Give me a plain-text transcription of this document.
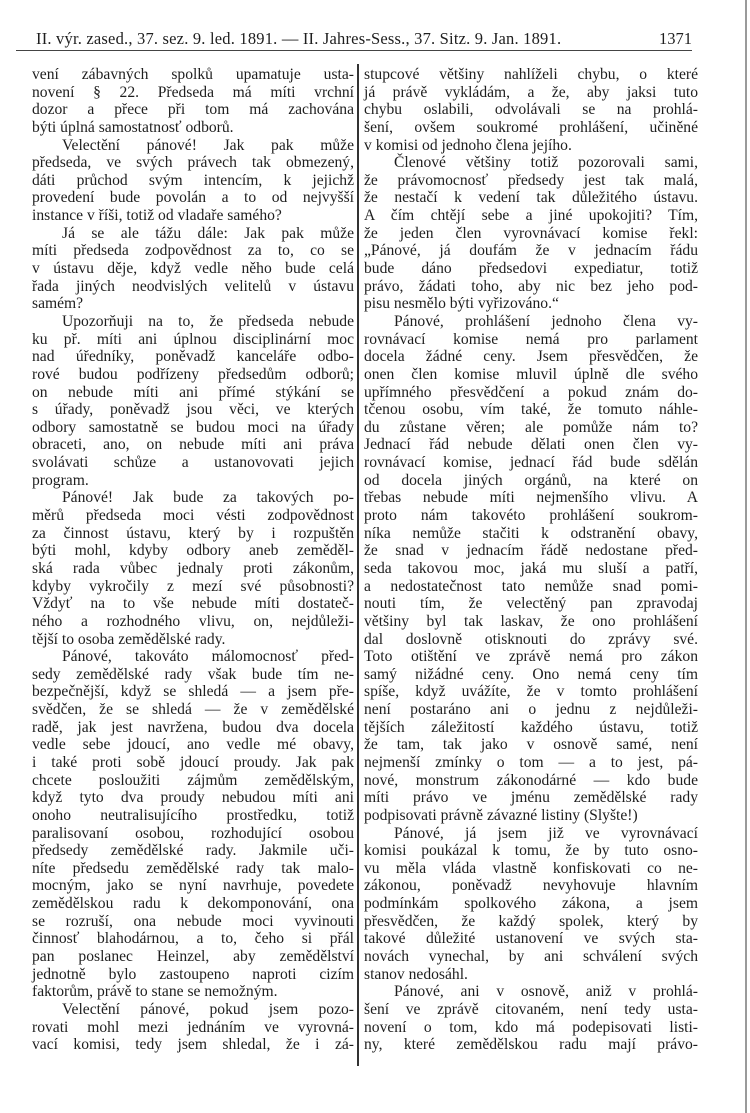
II. výr. zased., 37. sez. 9. led. 1891. — II. Jahres-Sess., 37. Sitz. 9. Jan. 1891.	1371
vení zábavných spolků upamatuje usta-
novení § 22. Předseda má míti vrchní
dozor a přece při tom má zachována
býti úplná samostatnosť odborů.
Velectění pánové! Jak pak může
předseda, ve svých právech tak obmezený,
dáti průchod svým intencím, k jejichž
provedení bude povolán a to od nejvyšší
instance v říši, totiž od vladaře samého?
Já se ale tážu dále: Jak pak může
míti předseda zodpovědnost za to, co se
v ústavu děje, když vedle něho bude celá
řada jiných neodvislých velitelů v ústavu
samém?
Upozorňuji na to, že předseda nebude
ku př. míti ani úplnou disciplinární moc
nad úředníky, poněvadž kanceláře odbo-
rové budou podřízeny předsedům odborů;
on nebude míti ani přímé stýkání se
s úřady, poněvadž jsou věci, ve kterých
odbory samostatně se budou moci na úřady
obraceti, ano, on nebude míti ani práva
svolávati schůze a ustanovovati jejich
program.
Pánové! Jak bude za takových po-
měrů předseda moci vésti zodpovědnost
za činnost ústavu, který by i rozpuštěn
býti mohl, kdyby odbory aneb zeměděl-
ská rada vůbec jednaly proti zákonům,
kdyby vykročily z mezí své působnosti?
Vždyť na to vše nebude míti dostateč-
ného a rozhodného vlivu, on, nejdůleži-
tější to osoba zemědělské rady.
Pánové, takováto málomocnosť před-
sedy zemědělské rady však bude tím ne-
bezpečnější, když se shledá — a jsem pře-
svědčen, že se shledá — že v zemědělské
radě, jak jest navržena, budou dva docela
vedle sebe jdoucí, ano vedle mé obavy,
i také proti sobě jdoucí proudy. Jak pak
chcete posloužiti zájmům zemědělským,
když tyto dva proudy nebudou míti ani
onoho neutralisujícího prostředku, totiž
paralisovaní osobou, rozhodující osobou
předsedy zemědělské rady. Jakmile uči-
níte předsedu zemědělské rady tak malo-
mocným, jako se nyní navrhuje, povedete
zemědělskou radu k dekomponování, ona
se rozruší, ona nebude moci vyvinouti
činnosť blahodárnou, a to, čeho si přál
pan poslanec Heinzel, aby zemědělství
jednotně bylo zastoupeno naproti cizím
faktorům, právě to stane se nemožným.
Velectění pánové, pokud jsem pozo-
rovati mohl mezi jednáním ve vyrovná-
vací komisi, tedy jsem shledal, že i zá-
stupcové většiny nahlíželi chybu, o které
já právě vykládám, a že, aby jaksi tuto
chybu oslabili, odvolávali se na prohlá-
šení, ovšem soukromé prohlášení, učiněné
v komisi od jednoho člena jejího.
Členové většiny totiž pozorovali sami,
že právomocnosť předsedy jest tak malá,
že nestačí k vedení tak důležitého ústavu.
A čím chtějí sebe a jiné upokojiti? Tím,
že jeden člen vyrovnávací komise řekl:
„Pánové, já doufám že v jednacím řádu
bude dáno předsedovi expediatur, totiž
právo, žádati toho, aby nic bez jeho pod-
pisu nesmělo býti vyřizováno.“
Pánové, prohlášení jednoho člena vy-
rovnávací komise nemá pro parlament
docela žádné ceny. Jsem přesvědčen, že
onen člen komise mluvil úplně dle svého
upřímného přesvědčení a pokud znám do-
tčenou osobu, vím také, že tomuto náhle-
du zůstane věren; ale pomůže nám to?
Jednací řád nebude dělati onen člen vy-
rovnávací komise, jednací řád bude sdělán
od docela jiných orgánů, na které on
třebas nebude míti nejmenšího vlivu. A
proto nám takovéto prohlášení soukrom-
níka nemůže stačiti k odstranění obavy,
že snad v jednacím řádě nedostane před-
seda takovou moc, jaká mu sluší a patří,
a nedostatečnost tato nemůže snad pomi-
nouti tím, že velectěný pan zpravodaj
většiny byl tak laskav, že ono prohlášení
dal doslovně otisknouti do zprávy své.
Toto otištění ve zprávě nemá pro zákon
samý nižádné ceny. Ono nemá ceny tím
spíše, když uvážíte, že v tomto prohlášení
není postaráno ani o jednu z nejdůleži-
tějších záležitostí každého ústavu, totiž
že tam, tak jako v osnově samé, není
nejmenší zmínky o tom — a to jest, pá-
nové, monstrum zákonodárné — kdo bude
míti právo ve jménu zemědělské rady
podpisovati právně závazné listiny (Slyšte!)
Pánové, já jsem již ve vyrovnávací
komisi poukázal k tomu, že by tuto osno-
vu měla vláda vlastně konfiskovati co ne-
zákonou, poněvadž nevyhovuje hlavním
podmínkám spolkového zákona, a jsem
přesvědčen, že každý spolek, který by
takové důležité ustanovení ve svých sta-
novách vynechal, by ani schválení svých
stanov nedosáhl.
Pánové, ani v osnově, aniž v prohlá-
šení ve zprávě citovaném, není tedy usta-
novení o tom, kdo má podepisovati listi-
ny, které zemědělskou radu mají právo-
